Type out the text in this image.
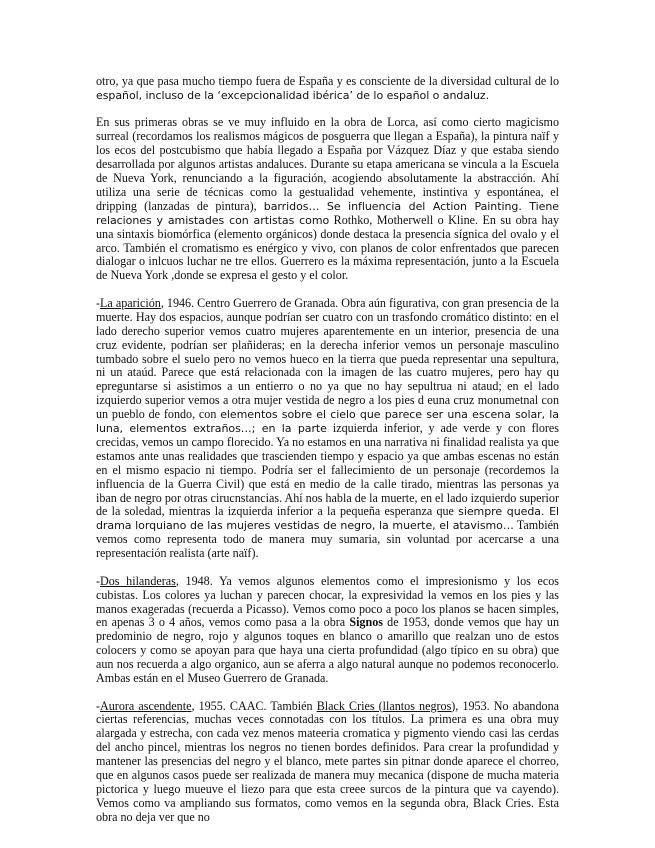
otro, ya que pasa mucho tiempo fuera de España y es consciente de la diversidad cultural de lo español, incluso de la ‘excepcionalidad ibérica’ de lo español o andaluz.

En sus primeras obras se ve muy influido en la obra de Lorca, así como cierto magicismo surreal (recordamos los realismos mágicos de posguerra que llegan a España), la pintura naïf y los ecos del postcubismo que había llegado a España por Vázquez Díaz y que estaba siendo desarrollada por algunos artistas andaluces. Durante su etapa americana se vincula a la Escuela de Nueva York, renunciando a la figuración, acogiendo absolutamente la abstracción. Ahí utiliza una serie de técnicas como la gestualidad vehemente, instintiva y espontánea, el dripping (lanzadas de pintura), barridos… Se influencia del Action Painting. Tiene relaciones y amistades con artistas como Rothko, Motherwell o Kline. En su obra hay una sintaxis biomórfica (elemento orgánicos) donde destaca la presencia sígnica del ovalo y el arco. También el cromatismo es enérgico y vivo, con planos de color enfrentados que parecen dialogar o inlcuos luchar ne tre ellos. Guerrero es la máxima representación, junto a la Escuela de Nueva York ,donde se expresa el gesto y el color.

-La aparición, 1946. Centro Guerrero de Granada. Obra aún figurativa, con gran presencia de la muerte. Hay dos espacios, aunque podrían ser cuatro con un trasfondo cromático distinto: en el lado derecho superior vemos cuatro mujeres aparentemente en un interior, presencia de una cruz evidente, podrían ser plañideras; en la derecha inferior vemos un personaje masculino tumbado sobre el suelo pero no vemos hueco en la tierra que pueda representar una sepultura, ni un ataúd. Parece que está relacionada con la imagen de las cuatro mujeres, pero hay qu epreguntarse si asistimos a un entierro o no ya que no hay sepultrua ni ataud; en el lado izquierdo superior vemos a otra mujer vestida de negro a los pies d euna cruz monumetnal con un pueblo de fondo, con elementos sobre el cielo que parece ser una escena solar, la luna, elementos extraños…; en la parte izquierda inferior, y ade verde y con flores crecidas, vemos un campo florecido. Ya no estamos en una narrativa ni finalidad realista ya que estamos ante unas realidades que trascienden tiempo y espacio ya que ambas escenas no están en el mismo espacio ni tiempo. Podría ser el fallecimiento de un personaje (recordemos la influencia de la Guerra Civil) que está en medio de la calle tirado, mientras las personas ya iban de negro por otras cirucnstancias. Ahí nos habla de la muerte, en el lado izquierdo superior de la soledad, mientras la izquierda inferior a la pequeña esperanza que siempre queda. El drama lorquiano de las mujeres vestidas de negro, la muerte, el atavismo… También vemos como representa todo de manera muy sumaria, sin voluntad por acercarse a una representación realista (arte naïf).

-Dos hilanderas, 1948. Ya vemos algunos elementos como el impresionismo y los ecos cubistas. Los colores ya luchan y parecen chocar, la expresividad la vemos en los pies y las manos exageradas (recuerda a Picasso). Vemos como poco a poco los planos se hacen simples, en apenas 3 o 4 años, vemos como pasa a la obra Signos de 1953, donde vemos que hay un predominio de negro, rojo y algunos toques en blanco o amarillo que realzan uno de estos colocers y como se apoyan para que haya una cierta profundidad (algo típico en su obra) que aun nos recuerda a algo organico, aun se aferra a algo natural aunque no podemos reconocerlo. Ambas están en el Museo Guerrero de Granada.

-Aurora ascendente, 1955. CAAC. También Black Cries (llantos negros), 1953. No abandona ciertas referencias, muchas veces connotadas con los títulos. La primera es una obra muy alargada y estrecha, con cada vez menos mateeria cromatica y pigmento viendo casi las cerdas del ancho pincel, mientras los negros no tienen bordes definidos. Para crear la profundidad y mantener las presencias del negro y el blanco, mete partes sin pitnar donde aparece el chorreo, que en algunos casos puede ser realizada de manera muy mecanica (dispone de mucha materia pictorica y luego mueuve el liezo para que esta creee surcos de la pintura que va cayendo). Vemos como va ampliando sus formatos, como vemos en la segunda obra, Black Cries. Esta obra no deja ver que no
